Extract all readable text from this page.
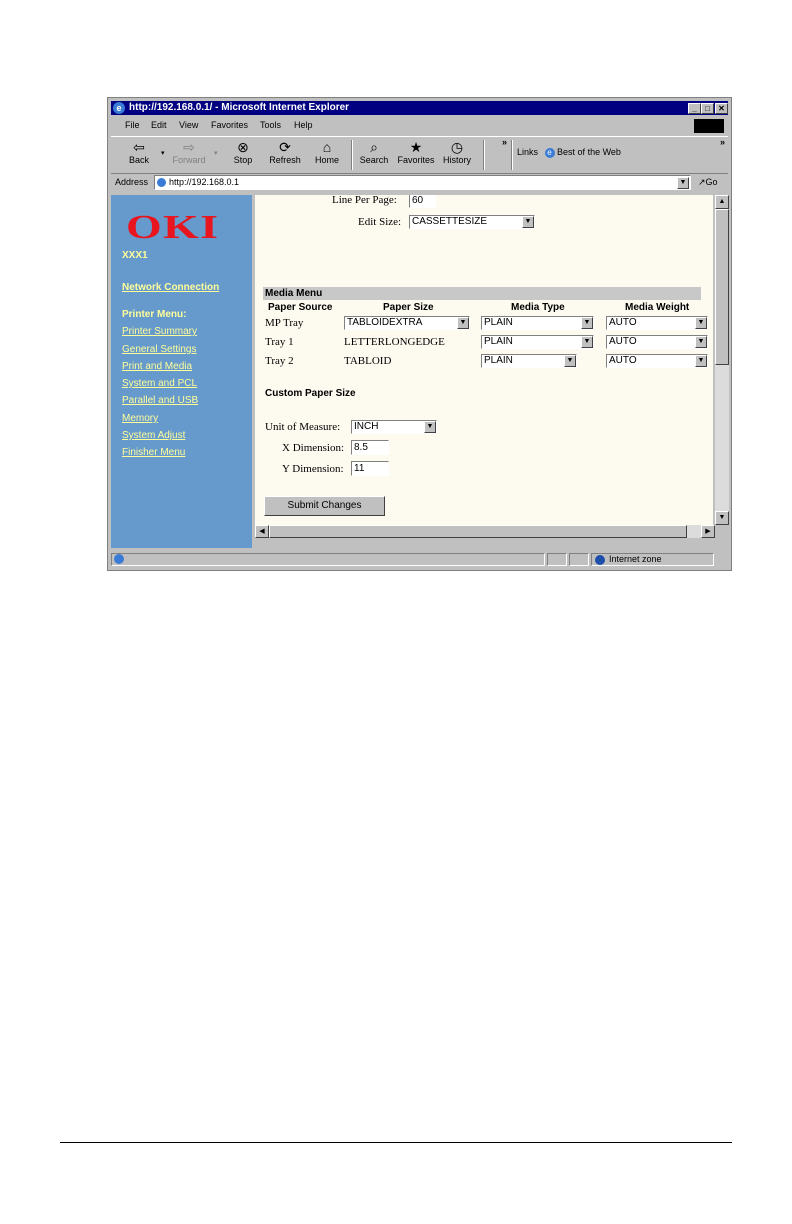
e http://192.168.0.1/ - Microsoft Internet Explorer	_	□	✕
File Edit View Favorites Tools Help
⇦
Back
▾ ⇨
Forward
▾ ⊗
Stop
⟳
Refresh
⌂
Home
⌕
Search
★
Favorites
◷
History
»
Links e Best of the Web
»
Address	http://192.168.0.1	▼ ↗Go
OKI
XXX1
Network Connection
Printer Menu:
Printer Summary
General Settings
Print and Media
System and PCL
Parallel and USB
Memory
System Adjust
Finisher Menu
Line Per Page:	60
Edit Size:	CASSETTESIZE	▼
Media Menu
Paper Source	Paper Size	Media Type	Media Weight
MP Tray	TABLOIDEXTRA	▼	PLAIN	▼	AUTO	▼
Tray 1	LETTERLONGEDGE	PLAIN	▼	AUTO	▼
Tray 2	TABLOID	PLAIN	▼	AUTO	▼
Custom Paper Size
Unit of Measure:	INCH	▼
X Dimension: 8.5
Y Dimension:	11
Submit Changes
▲
▼
◀	▶
Internet zone
